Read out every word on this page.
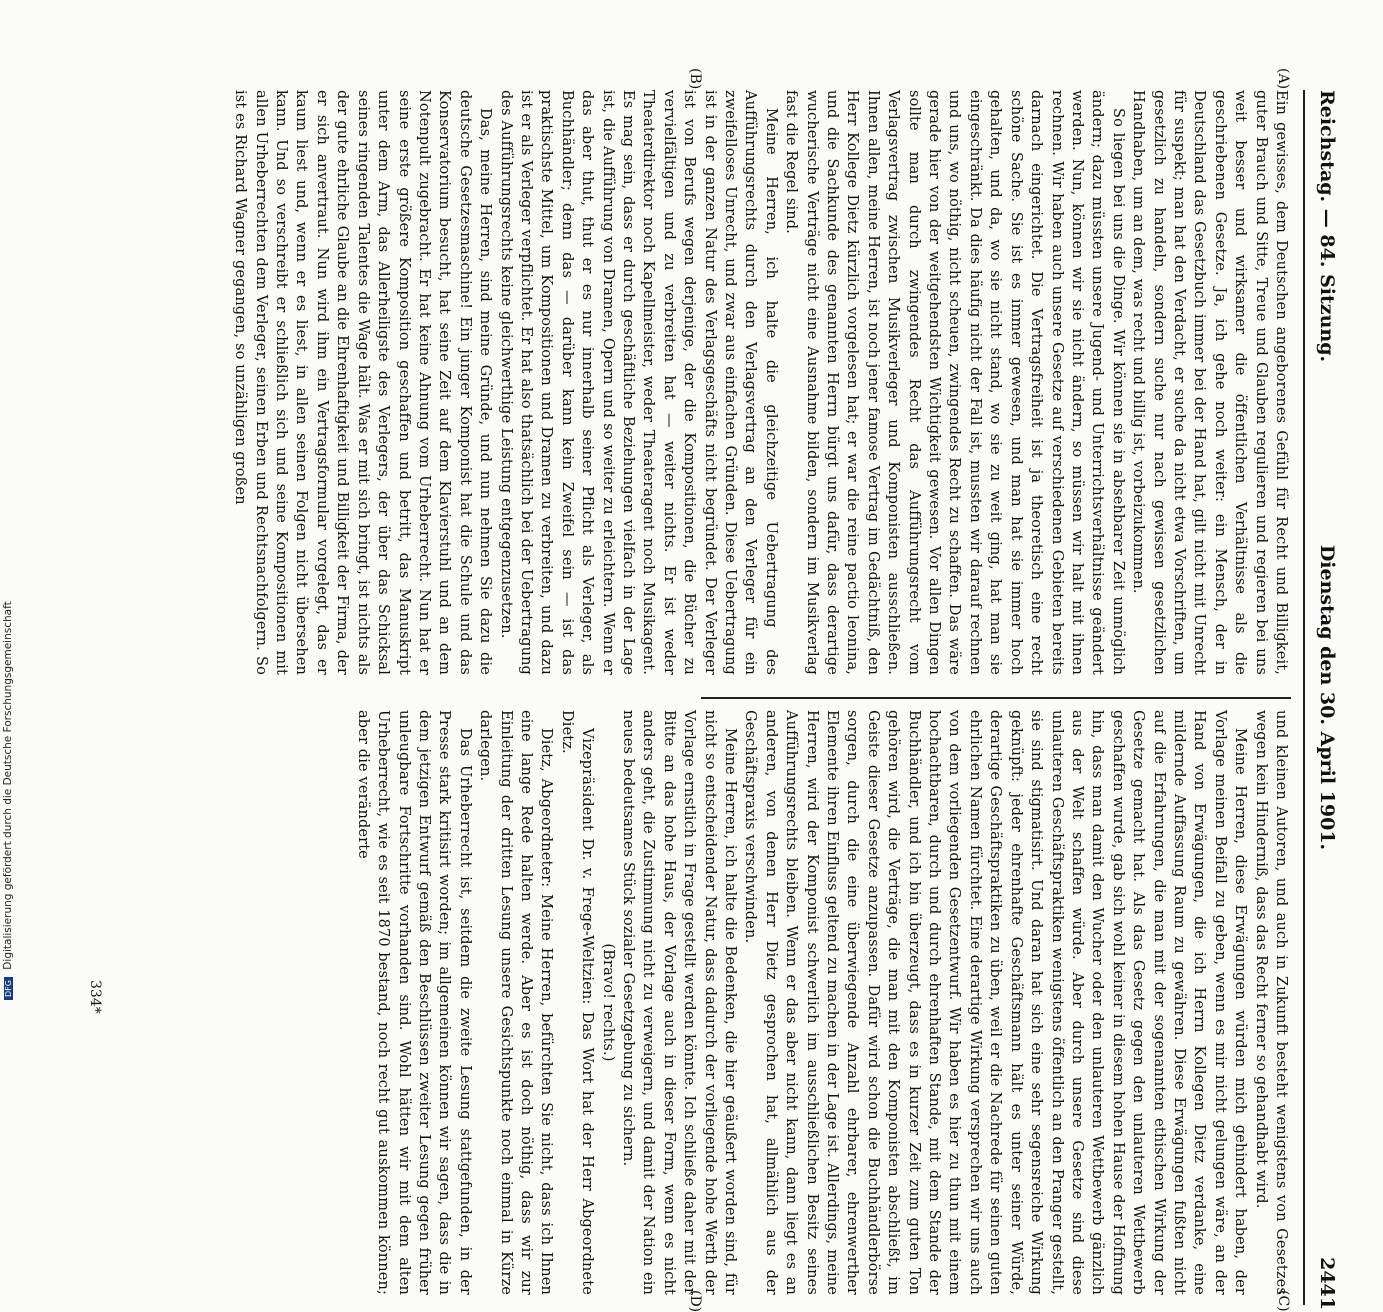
Reichstag. — 84. Sitzung.
Dienstag den 30. April 1901.
2441
(A)
(B)
(C)
(D)

Ein gewisses, dem Deutschen angeborenes Gefühl für Recht und Billigkeit, guter Brauch und Sitte, Treue und Glauben regulieren und regieren bei uns weit besser und wirksamer die öffentlichen Verhältnisse als die geschriebenen Gesetze. Ja, ich gehe noch weiter: ein Mensch, der in Deutschland das Gesetzbuch immer bei der Hand hat, gilt nicht mit Unrecht für suspekt; man hat den Verdacht, er suche da nicht etwa Vorschriften, um gesetzlich zu handeln, sondern suche nur nach gewissen gesetzlichen Handhaben, um an dem, was recht und billig ist, vorbeizukommen.

So liegen bei uns die Dinge. Wir können sie in absehbarer Zeit unmöglich ändern; dazu müssten unsere Jugend- und Unterrichtsverhältnisse geändert werden. Nun, können wir sie nicht ändern, so müssen wir halt mit ihnen rechnen. Wir haben auch unsere Gesetze auf verschiedenen Gebieten bereits darnach eingerichtet. Die Vertragsfreiheit ist ja theoretisch eine recht schöne Sache. Sie ist es immer gewesen, und man hat sie immer hoch gehalten, und da, wo sie nicht stand, wo sie zu weit ging, hat man sie eingeschränkt. Da dies häufig nicht der Fall ist, mussten wir darauf rechnen und uns, wo nöthig, nicht scheuen, zwingendes Recht zu schaffen. Das wäre gerade hier von der weitgehendsten Wichtigkeit gewesen. Vor allen Dingen sollte man durch zwingendes Recht das Aufführungsrecht vom Verlagsvertrag zwischen Musikverleger und Komponisten ausschließen. Ihnen allen, meine Herren, ist noch jener famose Vertrag im Gedächtniß, den Herr Kollege Dietz kürzlich vorgelesen hat; er war die reine pactio leonina, und die Sachkunde des genannten Herrn bürgt uns dafür, dass derartige wucherische Verträge nicht eine Ausnahme bilden, sondern im Musikverlag fast die Regel sind.

Meine Herren, ich halte die gleichzeitige Uebertragung des Aufführungsrechts durch den Verlagsvertrag an den Verleger für ein zweifelloses Unrecht, und zwar aus einfachen Gründen. Diese Uebertragung ist in der ganzen Natur des Verlagsgeschäfts nicht begründet. Der Verleger ist von Berufs wegen derjenige, der die Kompositionen, die Bücher zu vervielfältigen und zu verbreiten hat — weiter nichts. Er ist weder Theaterdirektor noch Kapellmeister, weder Theateragent noch Musikagent. Es mag sein, dass er durch geschäftliche Beziehungen vielfach in der Lage ist, die Aufführung von Dramen, Opern und so weiter zu erleichtern. Wenn er das aber thut, thut er es nur innerhalb seiner Pflicht als Verleger, als Buchhändler; denn das — darüber kann kein Zweifel sein — ist das praktischste Mittel, um Kompositionen und Dramen zu verbreiten, und dazu ist er als Verleger verpflichtet. Er hat also thatsächlich bei der Uebertragung des Aufführungsrechts keine gleichwerthige Leistung entgegenzusetzen.

Das, meine Herren, sind meine Gründe, und nun nehmen Sie dazu die deutsche Gesetzesmaschine! Ein junger Komponist hat die Schule und das Konservatorium besucht, hat seine Zeit auf dem Klavierstuhl und an dem Notenpult zugebracht. Er hat keine Ahnung vom Urheberrecht. Nun hat er seine erste größere Komposition geschaffen und betritt, das Manuskript unter dem Arm, das Allerheiligste des Verlegers, der über das Schicksal seines ringenden Talentes die Wage hält. Was er mit sich bringt, ist nichts als der gute ehrliche Glaube an die Ehrenhaftigkeit und Billigkeit der Firma, der er sich anvertraut. Nun wird ihm ein Vertragsformular vorgelegt, das er kaum liest und, wenn er es liest, in allen seinen Folgen nicht übersehen kann. Und so verschreibt er schließlich sich und seine Kompositionen mit allen Urheberrechten dem Verleger, seinen Erben und Rechtsnachfolgern. So ist es Richard Wagner gegangen, so unzähligen großen

und kleinen Autoren, und auch in Zukunft besteht wenigstens von Gesetzes wegen kein Hinderniß, dass das Recht ferner so gehandhabt wird.

Meine Herren, diese Erwägungen würden mich gehindert haben, der Vorlage meinen Beifall zu geben, wenn es mir nicht gelungen wäre, an der Hand von Erwägungen, die ich Herrn Kollegen Dietz verdanke, eine mildernde Auffassung Raum zu gewähren. Diese Erwägungen fußten nicht auf die Erfahrungen, die man mit der sogenannten ethischen Wirkung der Gesetze gemacht hat. Als das Gesetz gegen den unlauteren Wettbewerb geschaffen wurde, gab sich wohl keiner in diesem hohen Hause der Hoffnung hin, dass man damit den Wucher oder den unlauteren Wettbewerb gänzlich aus der Welt schaffen würde. Aber durch unsere Gesetze sind diese unlauteren Geschäftspraktiken wenigstens öffentlich an den Pranger gestellt, sie sind stigmatisirt. Und daran hat sich eine sehr segensreiche Wirkung geknüpft: jeder ehrenhafte Geschäftsmann hält es unter seiner Würde, derartige Geschäftspraktiken zu üben, weil er die Nachrede für seinen guten ehrlichen Namen fürchtet. Eine derartige Wirkung versprechen wir uns auch von dem vorliegenden Gesetzentwurf. Wir haben es hier zu thun mit einem hochachtbaren, durch und durch ehrenhaften Stande, mit dem Stande der Buchhändler, und ich bin überzeugt, dass es in kurzer Zeit zum guten Ton gehören wird, die Verträge, die man mit den Komponisten abschließt, im Geiste dieser Gesetze anzupassen. Dafür wird schon die Buchhändlerbörse sorgen, durch die eine überwiegende Anzahl ehrbarer, ehrenwerther Elemente ihren Einfluss geltend zu machen in der Lage ist. Allerdings, meine Herren, wird der Komponist schwerlich im ausschließlichen Besitz seines Aufführungsrechts bleiben. Wenn er das aber nicht kann, dann liegt es an anderen, von denen Herr Dietz gesprochen hat, allmählich aus der Geschäftspraxis verschwinden.

Meine Herren, ich halte die Bedenken, die hier geäußert worden sind, für nicht so entscheidender Natur, dass dadurch der vorliegende hohe Werth der Vorlage ernstlich in Frage gestellt werden könnte. Ich schließe daher mit der Bitte an das hohe Haus, der Vorlage auch in dieser Form, wenn es nicht anders geht, die Zustimmung nicht zu verweigern, und damit der Nation ein neues bedeutsames Stück sozialer Gesetzgebung zu sichern.

(Bravo! rechts.)

Vizepräsident Dr. v. Frege-Weltzien: Das Wort hat der Herr Abgeordnete Dietz.

Dietz, Abgeordneter: Meine Herren, befürchten Sie nicht, dass ich Ihnen eine lange Rede halten werde. Aber es ist doch nöthig, dass wir zur Einleitung der dritten Lesung unsere Gesichtspunkte noch einmal in Kürze darlegen.

Das Urheberrecht ist, seitdem die zweite Lesung stattgefunden, in der Presse stark kritisirt worden; im allgemeinen können wir sagen, dass die in dem jetzigen Entwurf gemäß den Beschlüssen zweiter Lesung gegen früher unleugbare Fortschritte vorhanden sind. Wohl hätten wir mit dem alten Urheberrecht, wie es seit 1870 bestand, noch recht gut auskommen können; aber die veränderte

334*
DFG Digitalisierung gefördert durch die Deutsche Forschungsgemeinschaft
